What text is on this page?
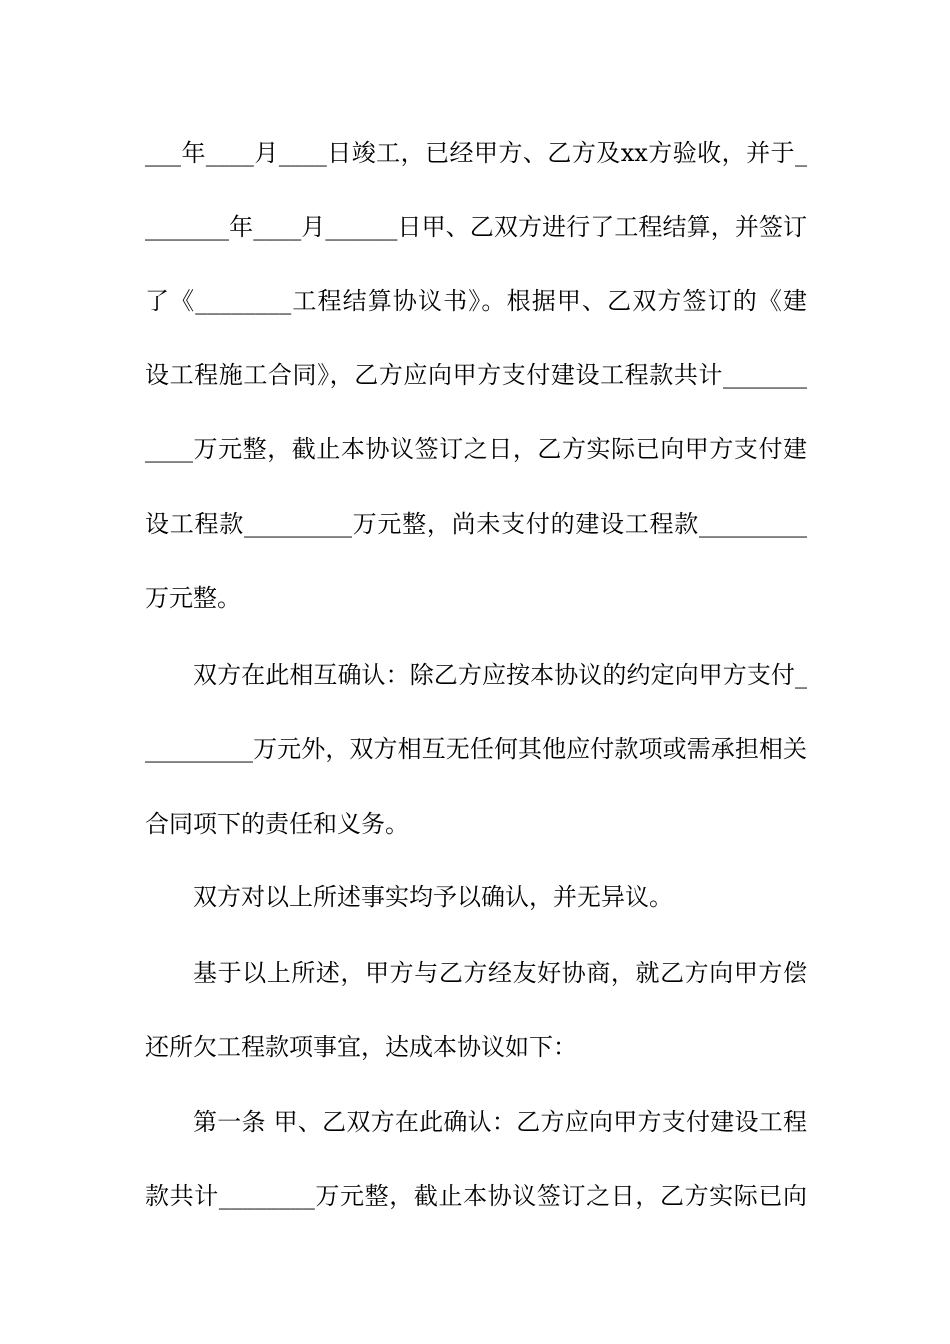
___年____月____日竣工，已经甲方、乙方及xx方验收，并于_
_______年____月______日甲、乙双方进行了工程结算，并签订
了《________工程结算协议书》。根据甲、乙双方签订的《建
设工程施工合同》，乙方应向甲方支付建设工程款共计_______
____万元整，截止本协议签订之日，乙方实际已向甲方支付建
设工程款_________万元整，尚未支付的建设工程款_________
万元整。
双方在此相互确认：除乙方应按本协议的约定向甲方支付_
_________万元外，双方相互无任何其他应付款项或需承担相关
合同项下的责任和义务。
双方对以上所述事实均予以确认，并无异议。
基于以上所述，甲方与乙方经友好协商，就乙方向甲方偿
还所欠工程款项事宜，达成本协议如下：
第一条 甲、乙双方在此确认：乙方应向甲方支付建设工程
款共计________万元整，截止本协议签订之日，乙方实际已向
